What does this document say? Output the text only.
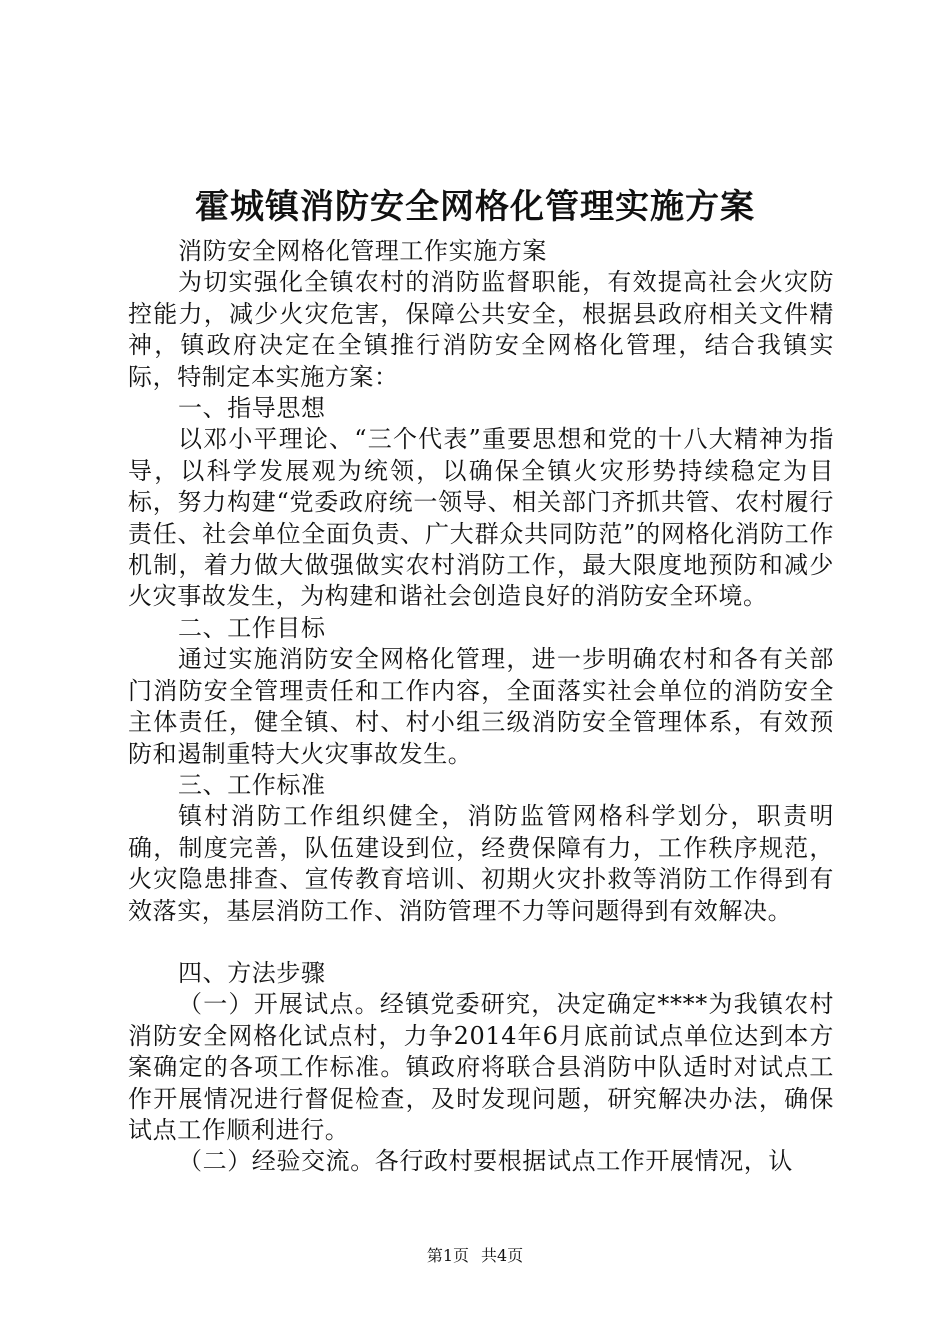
霍城镇消防安全网格化管理实施方案

消防安全网格化管理工作实施方案

为切实强化全镇农村的消防监督职能，有效提高社会火灾防控能力，减少火灾危害，保障公共安全，根据县政府相关文件精神，镇政府决定在全镇推行消防安全网格化管理，结合我镇实际，特制定本实施方案：

一、指导思想

以邓小平理论、“三个代表”重要思想和党的十八大精神为指导，以科学发展观为统领，以确保全镇火灾形势持续稳定为目标，努力构建“党委政府统一领导、相关部门齐抓共管、农村履行责任、社会单位全面负责、广大群众共同防范”的网格化消防工作机制，着力做大做强做实农村消防工作，最大限度地预防和减少火灾事故发生，为构建和谐社会创造良好的消防安全环境。

二、工作目标

通过实施消防安全网格化管理，进一步明确农村和各有关部门消防安全管理责任和工作内容，全面落实社会单位的消防安全主体责任，健全镇、村、村小组三级消防安全管理体系，有效预防和遏制重特大火灾事故发生。

三、工作标准

镇村消防工作组织健全，消防监管网格科学划分，职责明确，制度完善，队伍建设到位，经费保障有力，工作秩序规范，火灾隐患排查、宣传教育培训、初期火灾扑救等消防工作得到有效落实，基层消防工作、消防管理不力等问题得到有效解决。

四、方法步骤

（一）开展试点。经镇党委研究，决定确定****为我镇农村消防安全网格化试点村，力争2014年6月底前试点单位达到本方案确定的各项工作标准。镇政府将联合县消防中队适时对试点工作开展情况进行督促检查，及时发现问题，研究解决办法，确保试点工作顺利进行。

（二）经验交流。各行政村要根据试点工作开展情况，认

第1页 共4页
